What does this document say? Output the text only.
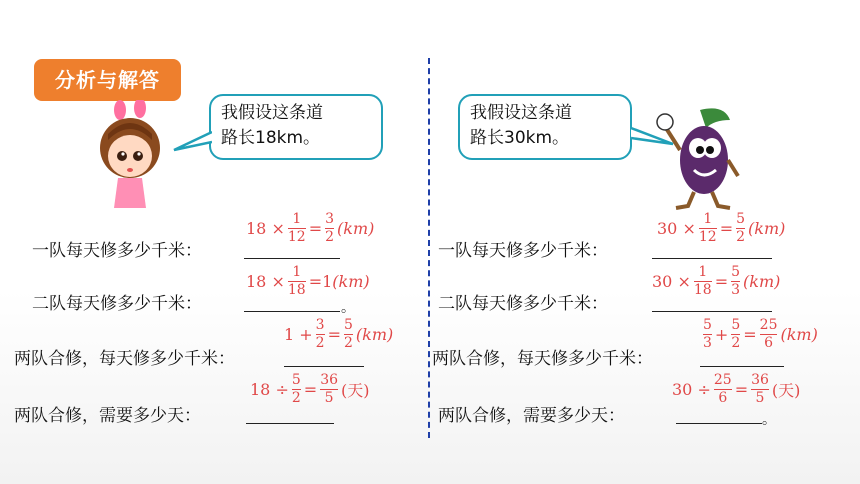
分析与解答
我假设这条道
路长18km。
一队每天修多少千米：
$18 \times \frac{1}{12} = \frac{3}{2} (km)$
二队每天修多少千米：	。
$18 \times \frac{1}{18} = 1$ (km)
两队合修，每天修多少千米：
$1 + \frac{3}{2} = \frac{5}{2} (km)$
两队合修，需要多少天：
$18 \div \frac{5}{2} = \frac{36}{5}$ (天)
我假设这条道
路长30km。
一队每天修多少千米：
$30 \times \frac{1}{12} = \frac{5}{2} (km)$
二队每天修多少千米：
$30 \times \frac{1}{18} = \frac{5}{3} (km)$
两队合修，每天修多少千米：
$\frac{5}{3} + \frac{5}{2} = \frac{25}{6} (km)$
两队合修，需要多少天：	。
$30 \div \frac{25}{6} = \frac{36}{5}$ (天)
